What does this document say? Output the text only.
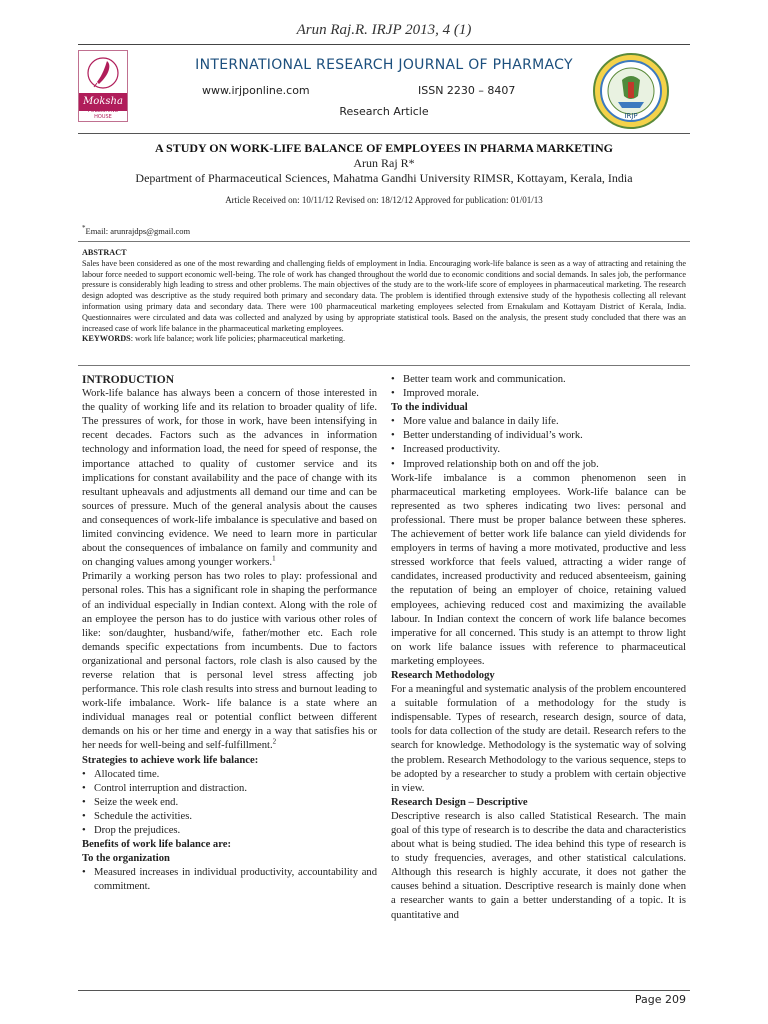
Arun Raj.R. IRJP 2013, 4 (1)
Moksha
PUBLISHING HOUSE
INTERNATIONAL RESEARCH JOURNAL OF PHARMACY
www.irjponline.com	ISSN 2230 – 8407
Research Article	IRJP
A STUDY ON WORK-LIFE BALANCE OF EMPLOYEES IN PHARMA MARKETING
Arun Raj R*
Department of Pharmaceutical Sciences, Mahatma Gandhi University RIMSR, Kottayam, Kerala, India
Article Received on: 10/11/12 Revised on: 18/12/12 Approved for publication: 01/01/13
*Email: arunrajdps@gmail.com
ABSTRACT
Sales have been considered as one of the most rewarding and challenging fields of employment in India. Encouraging work-life balance is seen as a way of attracting and retaining the labour force needed to support economic well-being. The role of work has changed throughout the world due to economic conditions and social demands. In sales job, the performance pressure is considerably high leading to stress and other problems. The main objectives of the study are to the work-life score of employees in pharmaceutical marketing. The research design adopted was descriptive as the study required both primary and secondary data. The problem is identified through extensive study of the hypothesis collecting all relevant information using primary data and secondary data. There were 100 pharmaceutical marketing employees selected from Ernakulam and Kottayam District of Kerala, India. Questionnaires were circulated and data was collected and analyzed by using by appropriate statistical tools. Based on the analysis, the present study concluded that there was an increased case of work life balance in the pharmaceutical marketing employees.
KEYWORDS: work life balance; work life policies; pharmaceutical marketing.

INTRODUCTION

Work-life balance has always been a concern of those interested in the quality of working life and its relation to broader quality of life. The pressures of work, for those in work, have been intensifying in recent decades. Factors such as the advances in information technology and information load, the need for speed of response, the importance attached to quality of customer service and its implications for constant availability and the pace of change with its resultant upheavals and adjustments all demand our time and can be sources of pressure. Much of the general analysis about the causes and consequences of work-life imbalance is speculative and based on limited convincing evidence. We need to learn more in particular about the consequences of imbalance on family and community and on changing values among younger workers.$^1$

Primarily a working person has two roles to play: professional and personal roles. This has a significant role in shaping the performance of an individual especially in Indian context. Along with the role of an employee the person has to do justice with various other roles of like: son/daughter, husband/wife, father/mother etc. Each role demands specific expectations from incumbents. Due to factors organizational and personal factors, role clash is also caused by the reverse relation that is personal level stress affecting job performance. This role clash results into stress and burnout leading to work-life imbalance. Work- life balance is a state where an individual manages real or potential conflict between different demands on his or her time and energy in a way that satisfies his or her needs for well-being and self-fulfillment.$^2$

Strategies to achieve work life balance:

• Allocated time.
• Control interruption and distraction.
• Seize the week end.
• Schedule the activities.
• Drop the prejudices.

Benefits of work life balance are:

To the organization

• Measured increases in individual productivity, accountability and commitment.
• Better team work and communication.
• Improved morale.

To the individual

• More value and balance in daily life.
• Better understanding of individual’s work.
• Increased productivity.
• Improved relationship both on and off the job.

Work-life imbalance is a common phenomenon seen in pharmaceutical marketing employees. Work-life balance can be represented as two spheres indicating two lives: personal and professional. There must be proper balance between these spheres. The achievement of better work life balance can yield dividends for employers in terms of having a more motivated, productive and less stressed workforce that feels valued, attracting a wider range of candidates, increased productivity and reduced absenteeism, gaining the reputation of being an employer of choice, retaining valued employees, achieving reduced cost and maximizing the available labour. In Indian context the concern of work life balance becomes imperative for all concerned. This study is an attempt to throw light on work life balance issues with reference to pharmaceutical marketing employees.

Research Methodology

For a meaningful and systematic analysis of the problem encountered a suitable formulation of a methodology for the study is indispensable. Types of research, research design, source of data, tools for data collection of the study are detail. Research refers to the search for knowledge. Methodology is the systematic way of solving the problem. Research Methodology to the various sequence, steps to be adopted by a researcher to study a problem with certain objective in view.

Research Design – Descriptive

Descriptive research is also called Statistical Research. The main goal of this type of research is to describe the data and characteristics about what is being studied. The idea behind this type of research is to study frequencies, averages, and other statistical calculations. Although this research is highly accurate, it does not gather the causes behind a situation. Descriptive research is mainly done when a researcher wants to gain a better understanding of a topic. It is quantitative and

Page 209
